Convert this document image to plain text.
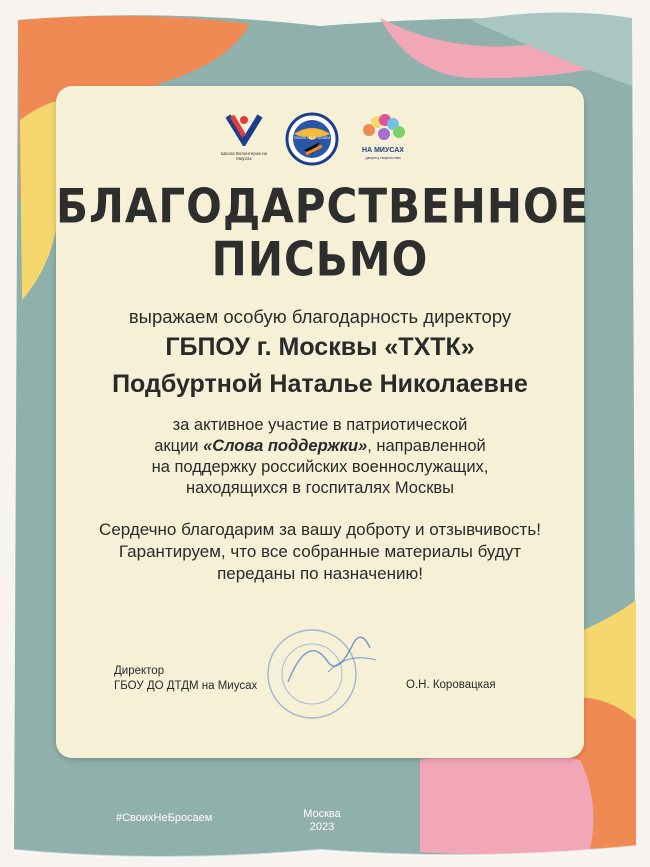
Школа Волонтеров на Миусах
СВОИХ НЕ БРОСАЕМ
НА МИУСАХ
дворец творчества
БЛАГОДАРСТВЕННОЕ
ПИСЬМО
выражаем особую благодарность директору
ГБПОУ г. Москвы «ТХТК»
Подбуртной Наталье Николаевне
за активное участие в патриотической
акции «Слова поддержки», направленной
на поддержку российских военнослужащих,
находящихся в госпиталях Москвы
Сердечно благодарим за вашу доброту и отзывчивость!
Гарантируем, что все собранные материалы будут
переданы по назначению!
Директор
ГБОУ ДО ДТДМ на Миусах	О.Н. Коровацкая
#СвоихНеБросаем	Москва
2023
